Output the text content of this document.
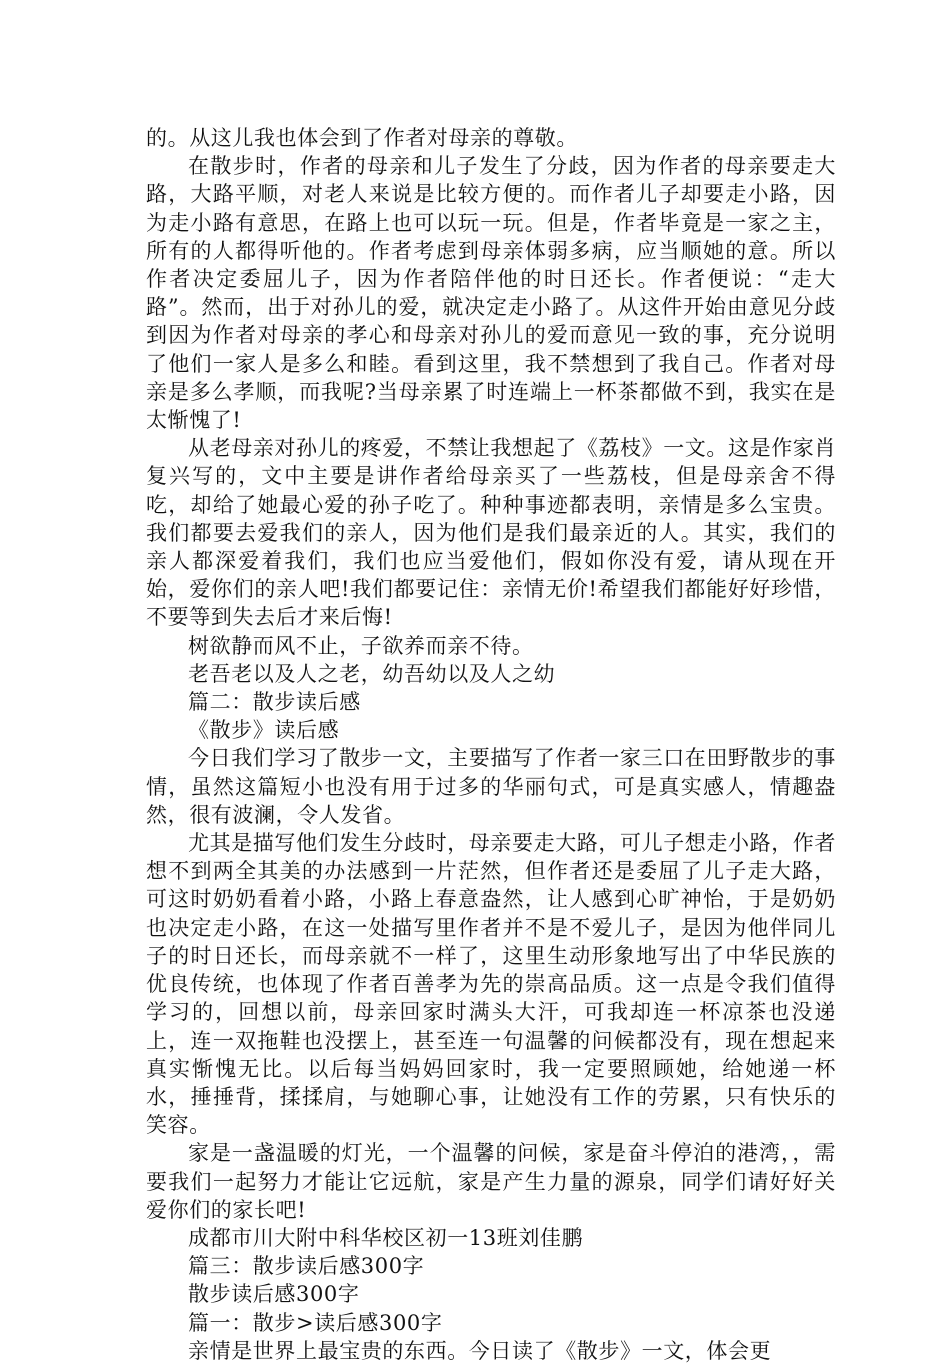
的。从这儿我也体会到了作者对母亲的尊敬。

在散步时，作者的母亲和儿子发生了分歧，因为作者的母亲要走大路，大路平顺，对老人来说是比较方便的。而作者儿子却要走小路，因为走小路有意思，在路上也可以玩一玩。但是，作者毕竟是一家之主，所有的人都得听他的。作者考虑到母亲体弱多病，应当顺她的意。所以作者决定委屈儿子，因为作者陪伴他的时日还长。作者便说：“走大路”。然而，出于对孙儿的爱，就决定走小路了。从这件开始由意见分歧到因为作者对母亲的孝心和母亲对孙儿的爱而意见一致的事，充分说明了他们一家人是多么和睦。看到这里，我不禁想到了我自己。作者对母亲是多么孝顺，而我呢?当母亲累了时连端上一杯茶都做不到，我实在是太惭愧了!

从老母亲对孙儿的疼爱，不禁让我想起了《荔枝》一文。这是作家肖复兴写的，文中主要是讲作者给母亲买了一些荔枝，但是母亲舍不得吃，却给了她最心爱的孙子吃了。种种事迹都表明，亲情是多么宝贵。我们都要去爱我们的亲人，因为他们是我们最亲近的人。其实，我们的亲人都深爱着我们，我们也应当爱他们，假如你没有爱，请从现在开始，爱你们的亲人吧!我们都要记住：亲情无价!希望我们都能好好珍惜，不要等到失去后才来后悔!

树欲静而风不止，子欲养而亲不待。

老吾老以及人之老，幼吾幼以及人之幼

篇二：散步读后感

《散步》读后感

今日我们学习了散步一文，主要描写了作者一家三口在田野散步的事情，虽然这篇短小也没有用于过多的华丽句式，可是真实感人，情趣盎然，很有波澜，令人发省。

尤其是描写他们发生分歧时，母亲要走大路，可儿子想走小路，作者想不到两全其美的办法感到一片茫然，但作者还是委屈了儿子走大路，可这时奶奶看着小路，小路上春意盎然，让人感到心旷神怡，于是奶奶也决定走小路，在这一处描写里作者并不是不爱儿子，是因为他伴同儿子的时日还长，而母亲就不一样了，这里生动形象地写出了中华民族的优良传统，也体现了作者百善孝为先的崇高品质。这一点是令我们值得学习的，回想以前，母亲回家时满头大汗，可我却连一杯凉茶也没递上，连一双拖鞋也没摆上，甚至连一句温馨的问候都没有，现在想起来真实惭愧无比。以后每当妈妈回家时，我一定要照顾她，给她递一杯水，捶捶背，揉揉肩，与她聊心事，让她没有工作的劳累，只有快乐的笑容。

家是一盏温暖的灯光，一个温馨的问候，家是奋斗停泊的港湾，，需要我们一起努力才能让它远航，家是产生力量的源泉，同学们请好好关爱你们的家长吧!

成都市川大附中科华校区初一13班刘佳鹏

篇三：散步读后感300字

散步读后感300字

篇一：散步>读后感300字

亲情是世界上最宝贵的东西。今日读了《散步》一文，体会更
